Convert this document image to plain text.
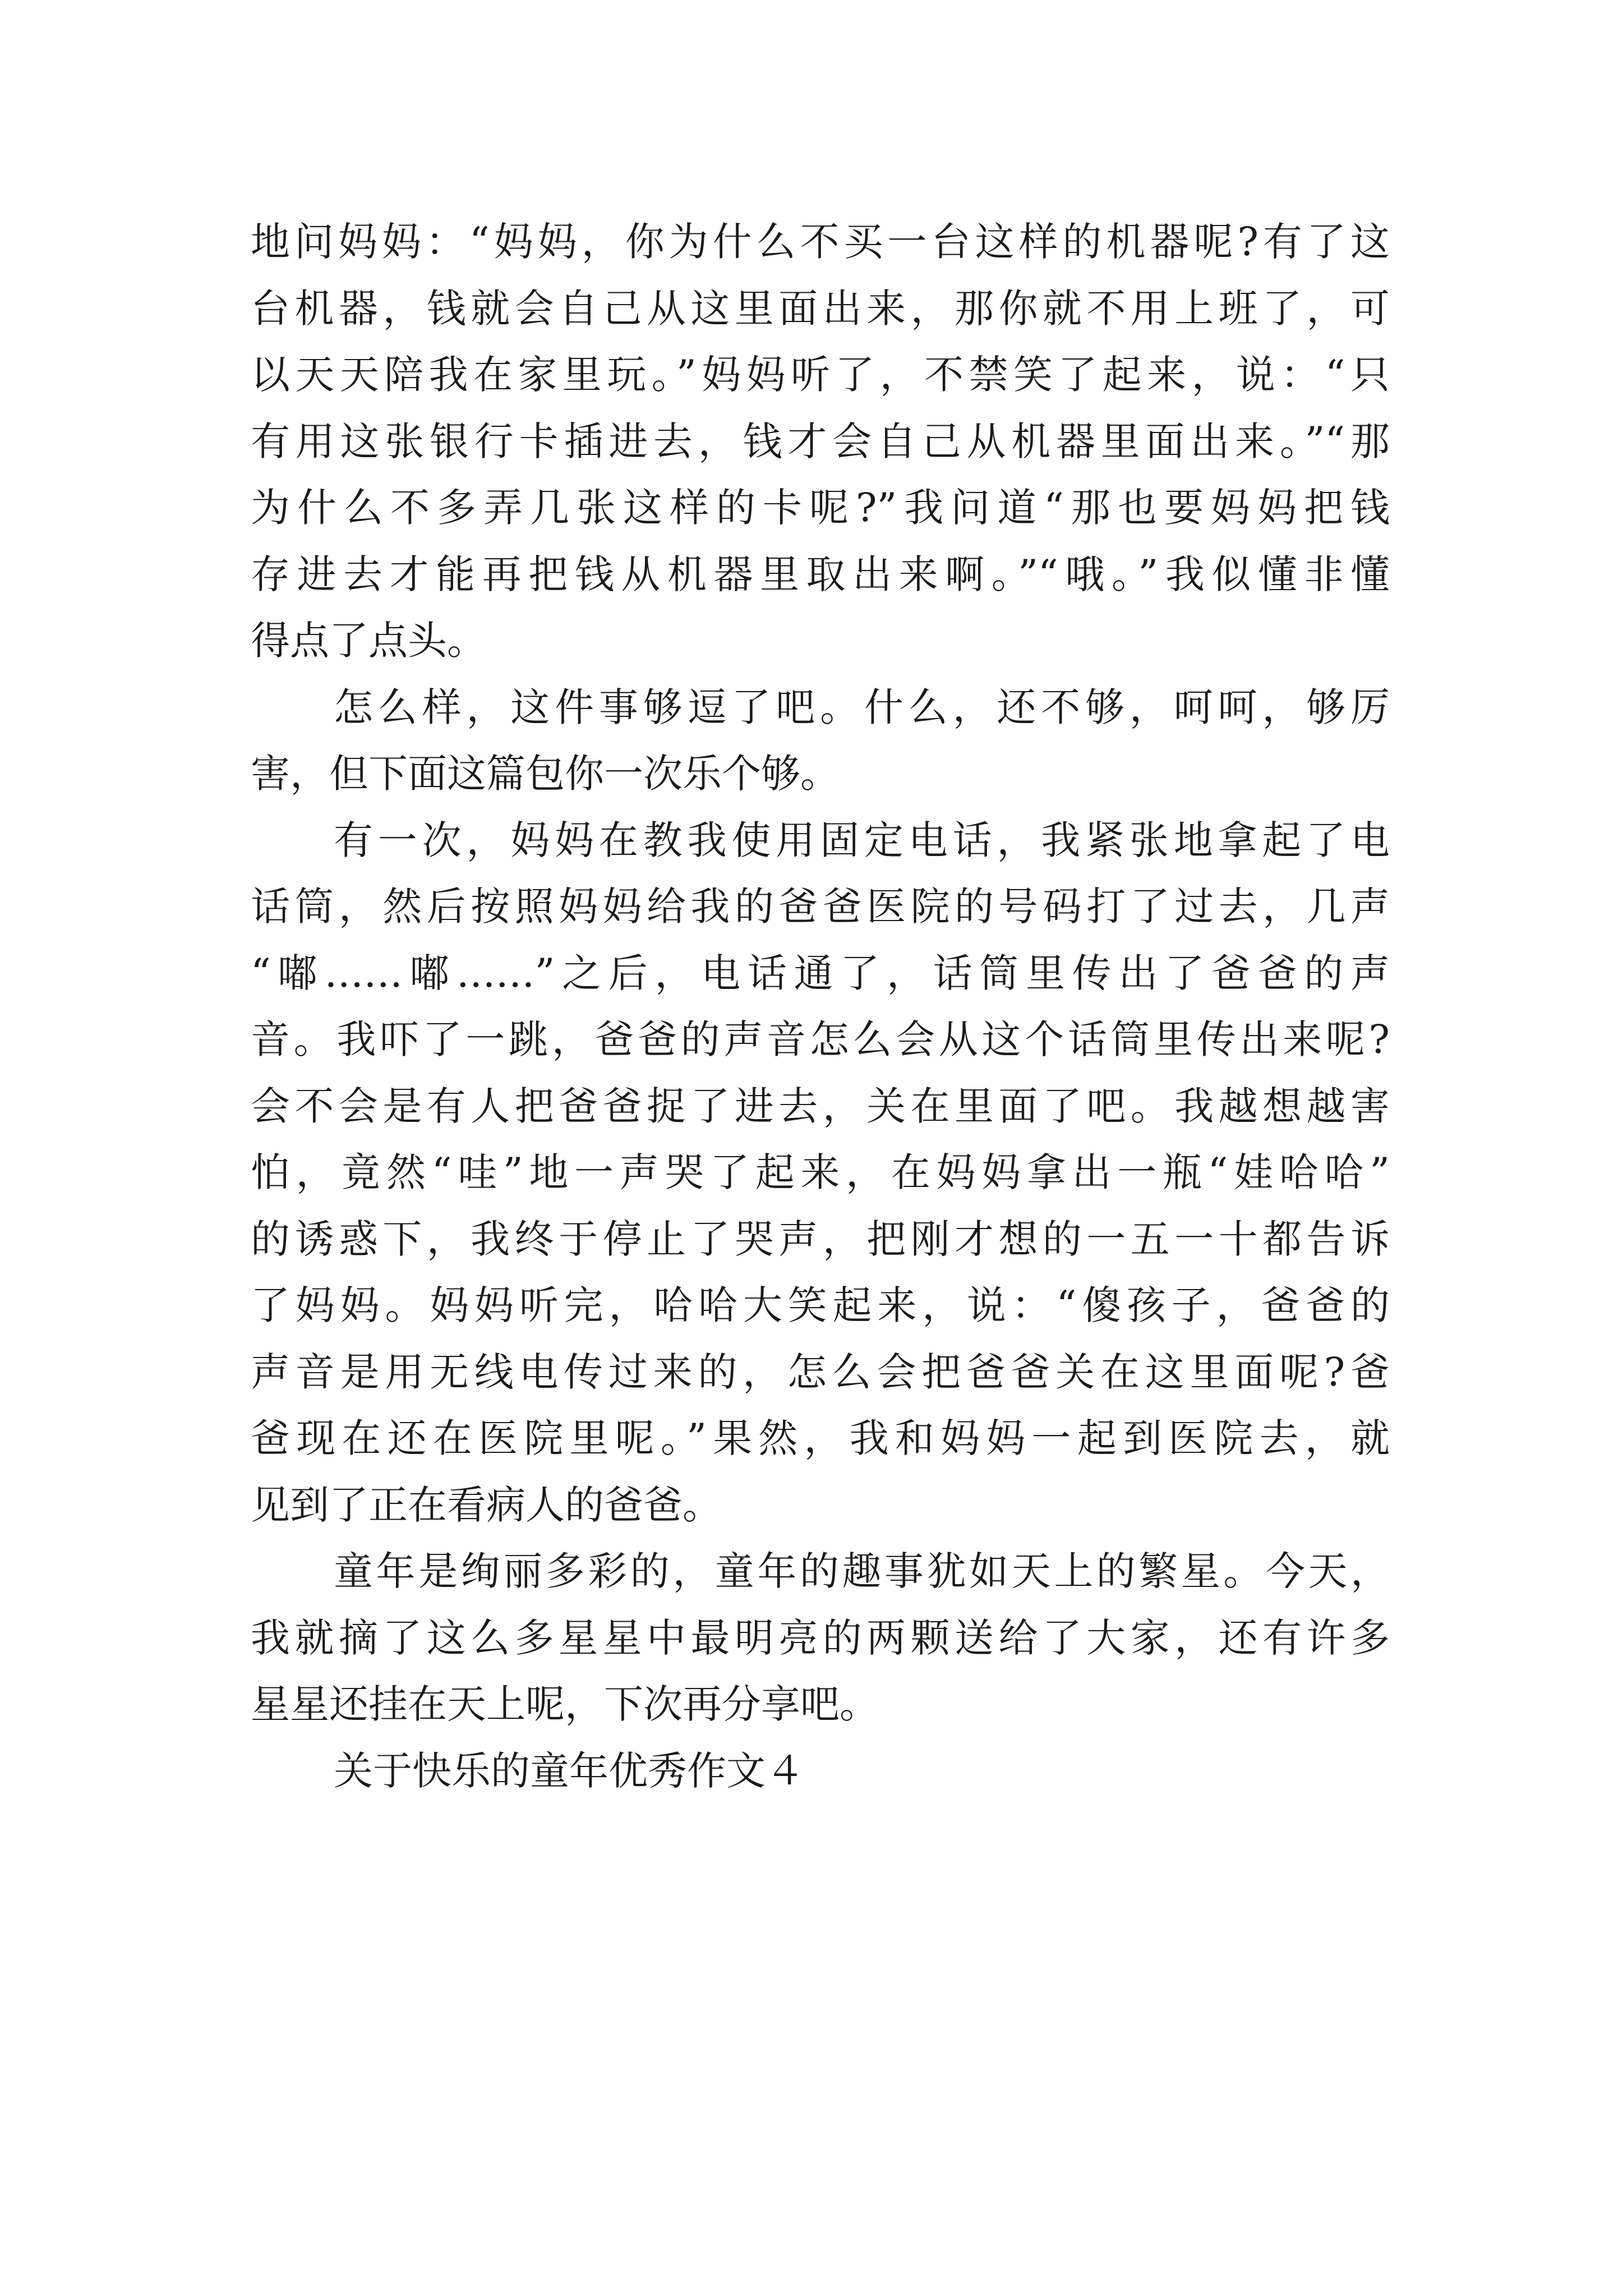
地问妈妈：“妈妈，你为什么不买一台这样的机器呢?有了这
台机器，钱就会自己从这里面出来，那你就不用上班了，可
以天天陪我在家里玩。”妈妈听了，不禁笑了起来，说：“只
有用这张银行卡插进去，钱才会自己从机器里面出来。”“那
为什么不多弄几张这样的卡呢?”我问道“那也要妈妈把钱
存进去才能再把钱从机器里取出来啊。”“哦。”我似懂非懂
得点了点头。
怎么样，这件事够逗了吧。什么，还不够，呵呵，够厉
害，但下面这篇包你一次乐个够。
有一次，妈妈在教我使用固定电话，我紧张地拿起了电
话筒，然后按照妈妈给我的爸爸医院的号码打了过去，几声
“嘟……嘟……”之后，电话通了，话筒里传出了爸爸的声
音。我吓了一跳，爸爸的声音怎么会从这个话筒里传出来呢?
会不会是有人把爸爸捉了进去，关在里面了吧。我越想越害
怕，竟然“哇”地一声哭了起来，在妈妈拿出一瓶“娃哈哈”
的诱惑下，我终于停止了哭声，把刚才想的一五一十都告诉
了妈妈。妈妈听完，哈哈大笑起来，说：“傻孩子，爸爸的
声音是用无线电传过来的，怎么会把爸爸关在这里面呢?爸
爸现在还在医院里呢。”果然，我和妈妈一起到医院去，就
见到了正在看病人的爸爸。
童年是绚丽多彩的，童年的趣事犹如天上的繁星。今天，
我就摘了这么多星星中最明亮的两颗送给了大家，还有许多
星星还挂在天上呢，下次再分享吧。
关于快乐的童年优秀作文４
